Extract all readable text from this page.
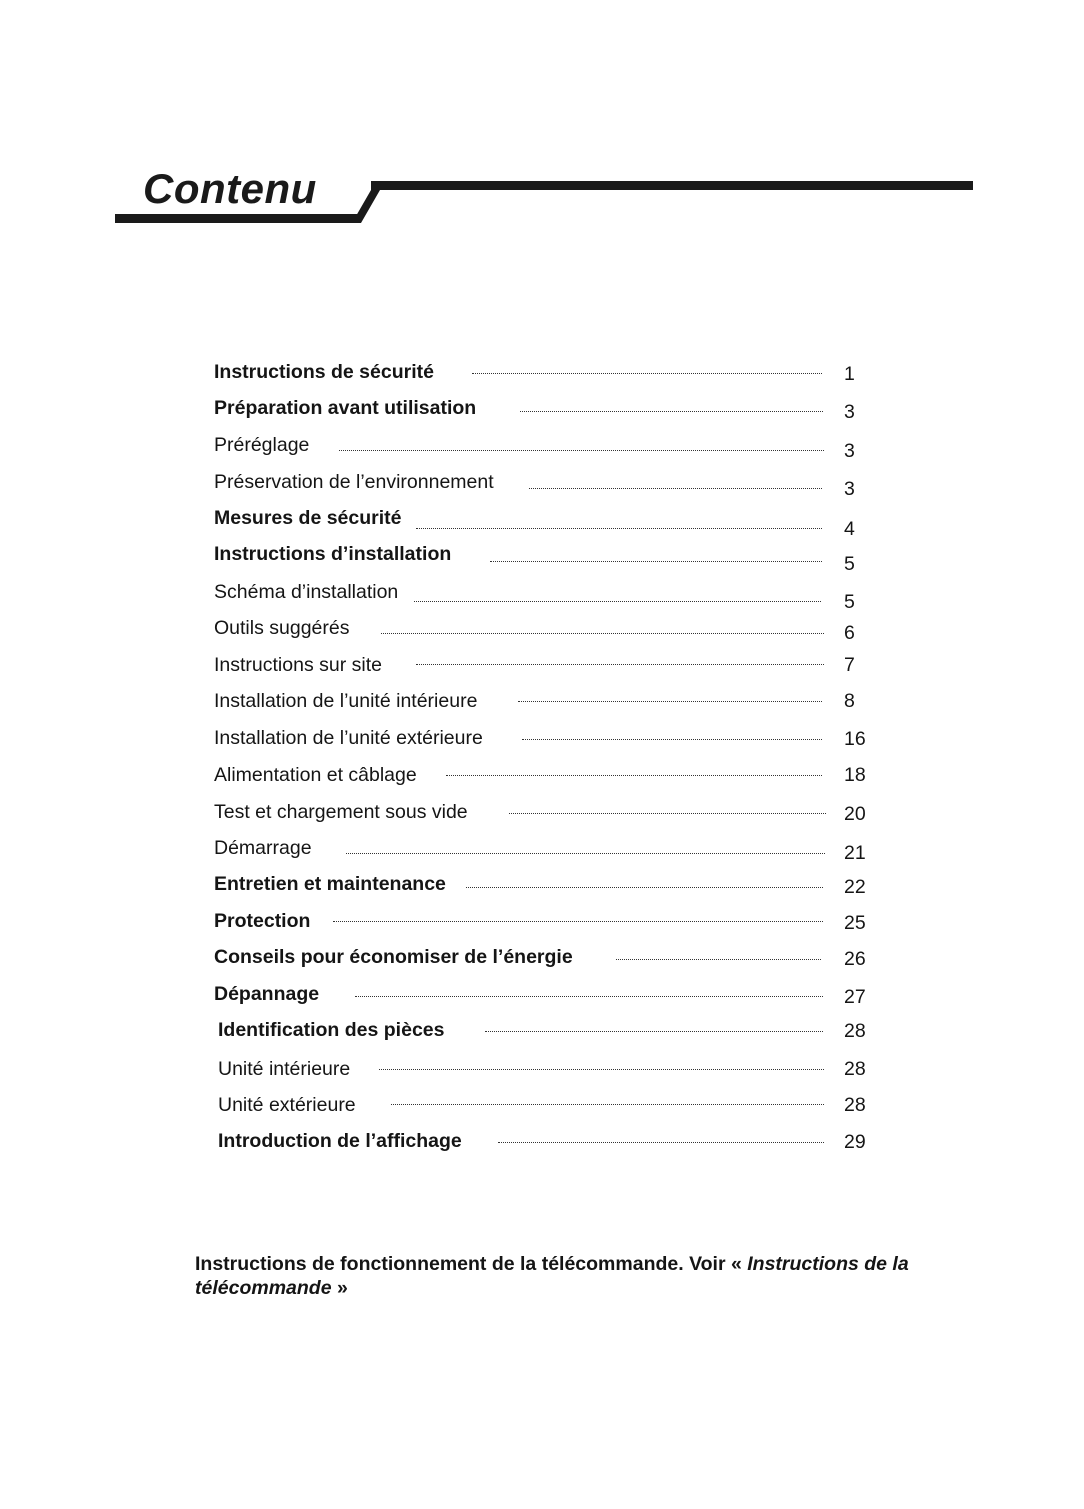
Contenu
Instructions de sécurité	1
Préparation avant utilisation	3
Préréglage	3
Préservation de l’environnement	3
Mesures de sécurité	4
Instructions d’installation	5
Schéma d’installation	5
Outils suggérés	6
Instructions sur site	7
Installation de l’unité intérieure	8
Installation de l’unité extérieure	16
Alimentation et câblage	18
Test et chargement sous vide	20
Démarrage	21
Entretien et maintenance	22
Protection	25
Conseils pour économiser de l’énergie	26
Dépannage	27
Identification des pièces	28
Unité intérieure	28
Unité extérieure	28
Introduction de l’affichage	29
Instructions de fonctionnement de la télécommande. Voir « Instructions de la télécommande »
